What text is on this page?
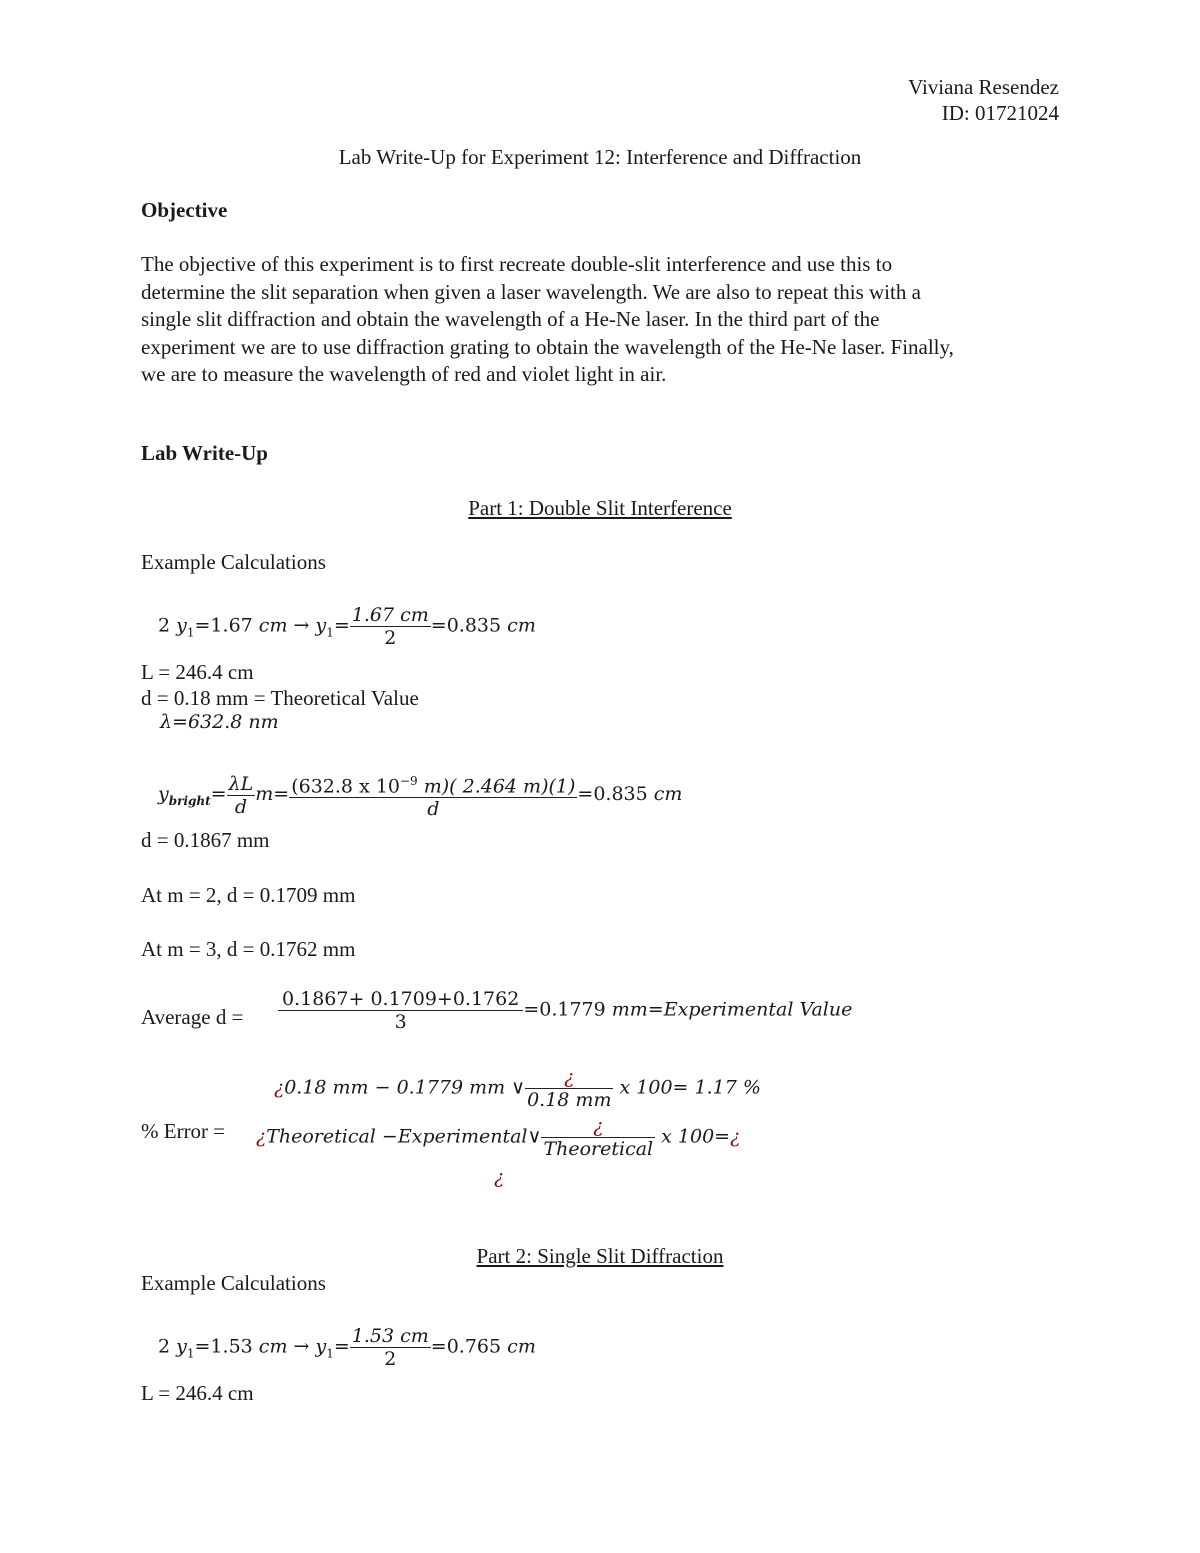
Viviana Resendez
ID: 01721024
Lab Write-Up for Experiment 12: Interference and Diffraction
Objective
The objective of this experiment is to first recreate double-slit interference and use this to
determine the slit separation when given a laser wavelength. We are also to repeat this with a
single slit diffraction and obtain the wavelength of a He-Ne laser. In the third part of the
experiment we are to use diffraction grating to obtain the wavelength of the He-Ne laser. Finally,
we are to measure the wavelength of red and violet light in air.
Lab Write-Up
Part 1: Double Slit Interference
Example Calculations
2 $y_1=1.67$ cm → $y_1= \frac{1.67 cm}{2} =0.835$ cm
L = 246.4 cm
d = 0.18 mm = Theoretical Value
λ=632.8 nm
$y_{bright}= \frac{\lambda L}{d} m= \frac{(632.8 x 10^{-9} m)( 2.464 m)(1)}{d} =0.835$ cm
d = 0.1867 mm
At m = 2, d = 0.1709 mm
At m = 3, d = 0.1762 mm
Average $d = \frac{0.1867+ 0.1709+0.1762}{3} =0.1779$ mm=Experimental Value
% Error =
¿0.18 mm − 0.1779 mm ∨ $\frac{¿}{0.18 mm}$ x 100= 1.17 %
¿Theoretical −Experimental∨ $\frac{¿}{\text{Theoretical}}$ x 100=¿
¿
Part 2: Single Slit Diffraction
Example Calculations
2 $y_1=1.53$ cm → $y_1= \frac{1.53 cm}{2} =0.765$ cm
L = 246.4 cm
